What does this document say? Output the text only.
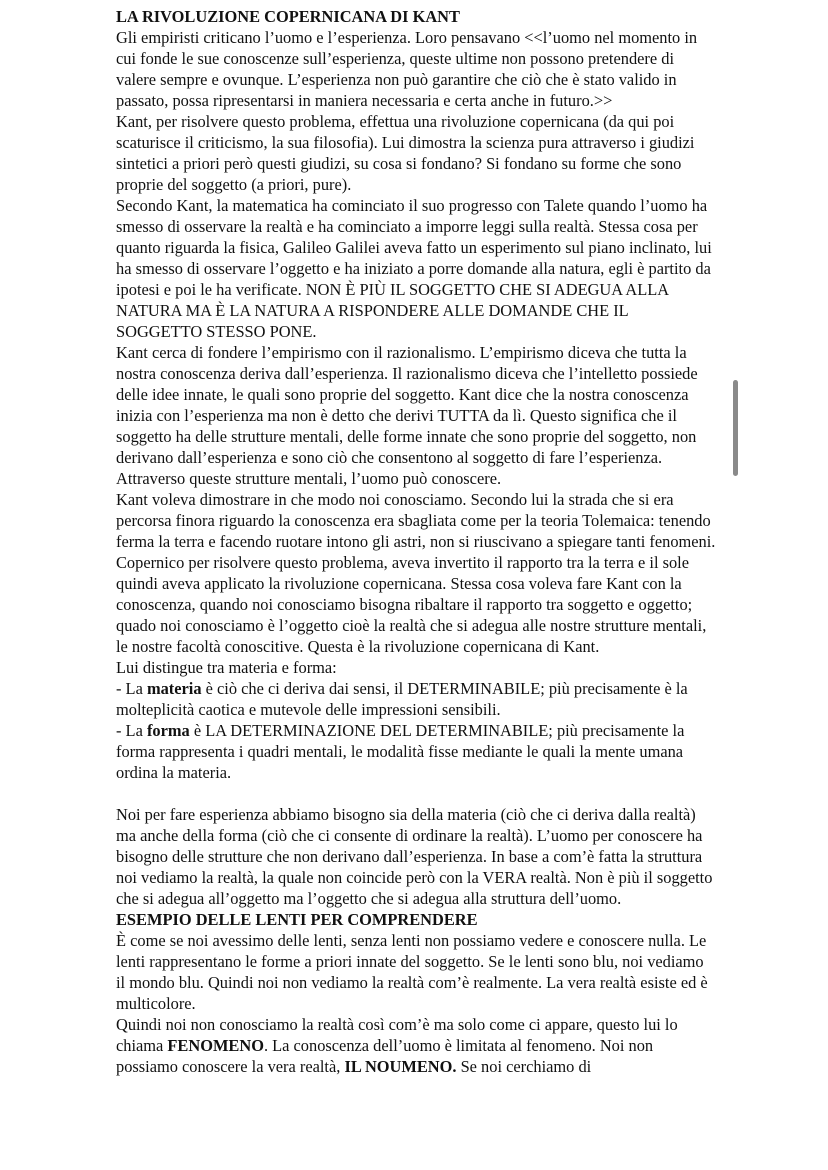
LA RIVOLUZIONE COPERNICANA DI KANT

Gli empiristi criticano l’uomo e l’esperienza. Loro pensavano <<l’uomo nel momento in cui fonde le sue conoscenze sull’esperienza, queste ultime non possono pretendere di valere sempre e ovunque. L’esperienza non può garantire che ciò che è stato valido in passato, possa ripresentarsi in maniera necessaria e certa anche in futuro.>>

Kant, per risolvere questo problema, effettua una rivoluzione copernicana (da qui poi scaturisce il criticismo, la sua filosofia). Lui dimostra la scienza pura attraverso i giudizi sintetici a priori però questi giudizi, su cosa si fondano? Si fondano su forme che sono proprie del soggetto (a priori, pure).

Secondo Kant, la matematica ha cominciato il suo progresso con Talete quando l’uomo ha smesso di osservare la realtà e ha cominciato a imporre leggi sulla realtà. Stessa cosa per quanto riguarda la fisica, Galileo Galilei aveva fatto un esperimento sul piano inclinato, lui ha smesso di osservare l’oggetto e ha iniziato a porre domande alla natura, egli è partito da ipotesi e poi le ha verificate. NON È PIÙ IL SOGGETTO CHE SI ADEGUA ALLA NATURA MA È LA NATURA A RISPONDERE ALLE DOMANDE CHE IL SOGGETTO STESSO PONE.

Kant cerca di fondere l’empirismo con il razionalismo. L’empirismo diceva che tutta la nostra conoscenza deriva dall’esperienza. Il razionalismo diceva che l’intelletto possiede delle idee innate, le quali sono proprie del soggetto. Kant dice che la nostra conoscenza inizia con l’esperienza ma non è detto che derivi TUTTA da lì. Questo significa che il soggetto ha delle strutture mentali, delle forme innate che sono proprie del soggetto, non derivano dall’esperienza e sono ciò che consentono al soggetto di fare l’esperienza. Attraverso queste strutture mentali, l’uomo può conoscere.

Kant voleva dimostrare in che modo noi conosciamo. Secondo lui la strada che si era percorsa finora riguardo la conoscenza era sbagliata come per la teoria Tolemaica: tenendo ferma la terra e facendo ruotare intono gli astri, non si riuscivano a spiegare tanti fenomeni. Copernico per risolvere questo problema, aveva invertito il rapporto tra la terra e il sole quindi aveva applicato la rivoluzione copernicana. Stessa cosa voleva fare Kant con la conoscenza, quando noi conosciamo bisogna ribaltare il rapporto tra soggetto e oggetto; quado noi conosciamo è l’oggetto cioè la realtà che si adegua alle nostre strutture mentali, le nostre facoltà conoscitive. Questa è la rivoluzione copernicana di Kant.

Lui distingue tra materia e forma:

- La materia è ciò che ci deriva dai sensi, il DETERMINABILE; più precisamente è la molteplicità caotica e mutevole delle impressioni sensibili.

- La forma è LA DETERMINAZIONE DEL DETERMINABILE; più precisamente la forma rappresenta i quadri mentali, le modalità fisse mediante le quali la mente umana ordina la materia.

Noi per fare esperienza abbiamo bisogno sia della materia (ciò che ci deriva dalla realtà) ma anche della forma (ciò che ci consente di ordinare la realtà). L’uomo per conoscere ha bisogno delle strutture che non derivano dall’esperienza. In base a com’è fatta la struttura noi vediamo la realtà, la quale non coincide però con la VERA realtà. Non è più il soggetto che si adegua all’oggetto ma l’oggetto che si adegua alla struttura dell’uomo.

ESEMPIO DELLE LENTI PER COMPRENDERE

È come se noi avessimo delle lenti, senza lenti non possiamo vedere e conoscere nulla. Le lenti rappresentano le forme a priori innate del soggetto. Se le lenti sono blu, noi vediamo il mondo blu. Quindi noi non vediamo la realtà com’è realmente. La vera realtà esiste ed è multicolore.

Quindi noi non conosciamo la realtà così com’è ma solo come ci appare, questo lui lo chiama FENOMENO. La conoscenza dell’uomo è limitata al fenomeno. Noi non possiamo conoscere la vera realtà, IL NOUMENO. Se noi cerchiamo di
